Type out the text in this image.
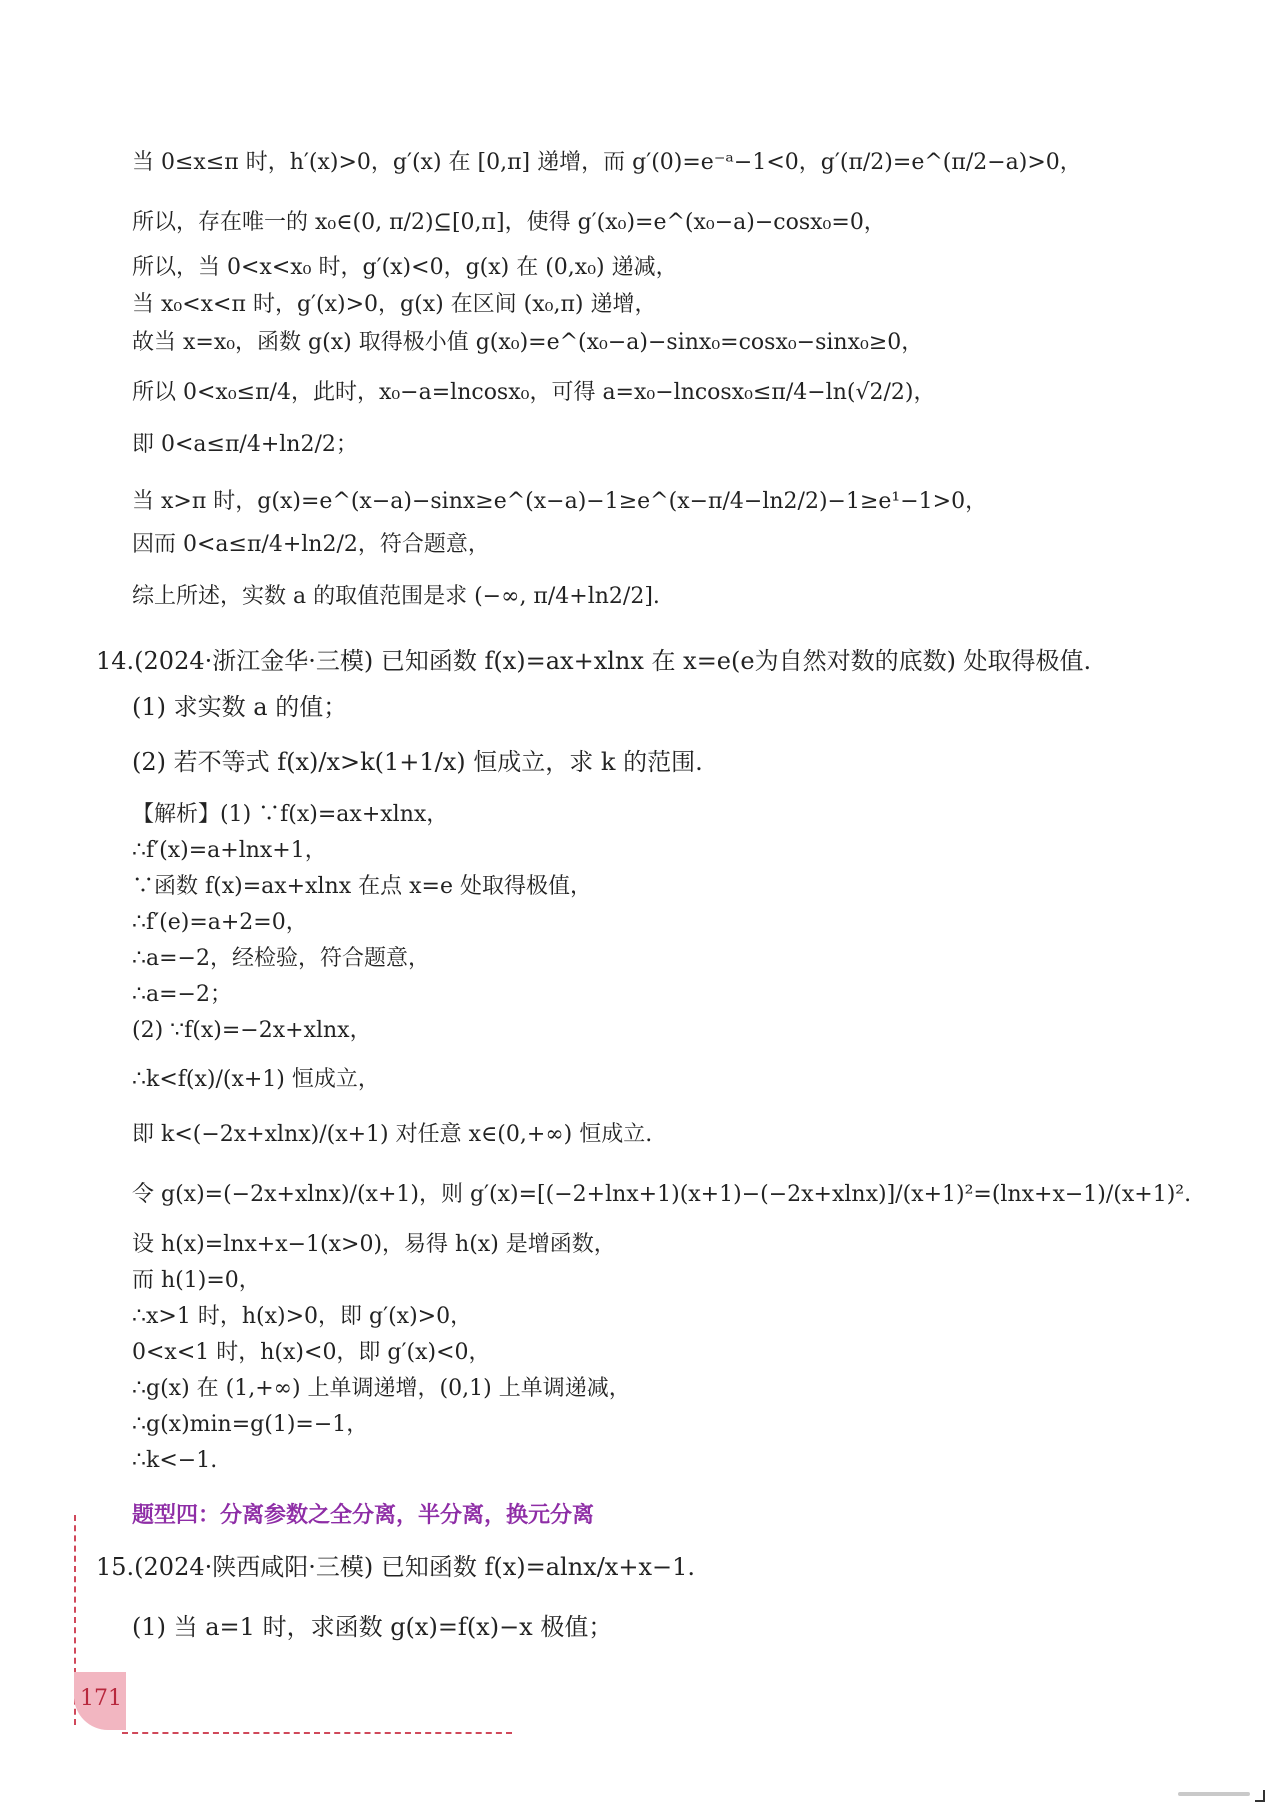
当 0≤x≤π 时，h′(x)>0，g′(x) 在 [0,π] 递增，而 g′(0)=e⁻ᵃ−1<0，g′(π/2)=e^(π/2−a)>0，
所以，存在唯一的 x₀∈(0, π/2)⊆[0,π]，使得 g′(x₀)=e^(x₀−a)−cosx₀=0，
所以，当 0<x<x₀ 时，g′(x)<0，g(x) 在 (0,x₀) 递减，
当 x₀<x<π 时，g′(x)>0，g(x) 在区间 (x₀,π) 递增，
故当 x=x₀，函数 g(x) 取得极小值 g(x₀)=e^(x₀−a)−sinx₀=cosx₀−sinx₀≥0，
所以 0<x₀≤π/4，此时，x₀−a=lncosx₀，可得 a=x₀−lncosx₀≤π/4−ln(√2/2)，
即 0<a≤π/4+ln2/2；
当 x>π 时，g(x)=e^(x−a)−sinx≥e^(x−a)−1≥e^(x−π/4−ln2/2)−1≥e¹−1>0，
因而 0<a≤π/4+ln2/2，符合题意，
综上所述，实数 a 的取值范围是求 (−∞, π/4+ln2/2].
14.(2024·浙江金华·三模) 已知函数 f(x)=ax+xlnx 在 x=e(e为自然对数的底数) 处取得极值.
(1) 求实数 a 的值；
(2) 若不等式 f(x)/x>k(1+1/x) 恒成立，求 k 的范围.
【解析】(1) ∵f(x)=ax+xlnx，
∴f′(x)=a+lnx+1，
∵函数 f(x)=ax+xlnx 在点 x=e 处取得极值，
∴f′(e)=a+2=0，
∴a=−2，经检验，符合题意，
∴a=−2；
(2) ∵f(x)=−2x+xlnx，
∴k<f(x)/(x+1) 恒成立，
即 k<(−2x+xlnx)/(x+1) 对任意 x∈(0,+∞) 恒成立.
令 g(x)=(−2x+xlnx)/(x+1)，则 g′(x)=[(−2+lnx+1)(x+1)−(−2x+xlnx)]/(x+1)²=(lnx+x−1)/(x+1)².
设 h(x)=lnx+x−1(x>0)，易得 h(x) 是增函数，
而 h(1)=0，
∴x>1 时，h(x)>0，即 g′(x)>0，
0<x<1 时，h(x)<0，即 g′(x)<0，
∴g(x) 在 (1,+∞) 上单调递增，(0,1) 上单调递减，
∴g(x)min=g(1)=−1，
∴k<−1.
题型四：分离参数之全分离，半分离，换元分离
15.(2024·陕西咸阳·三模) 已知函数 f(x)=alnx/x+x−1.
(1) 当 a=1 时，求函数 g(x)=f(x)−x 极值；
171
